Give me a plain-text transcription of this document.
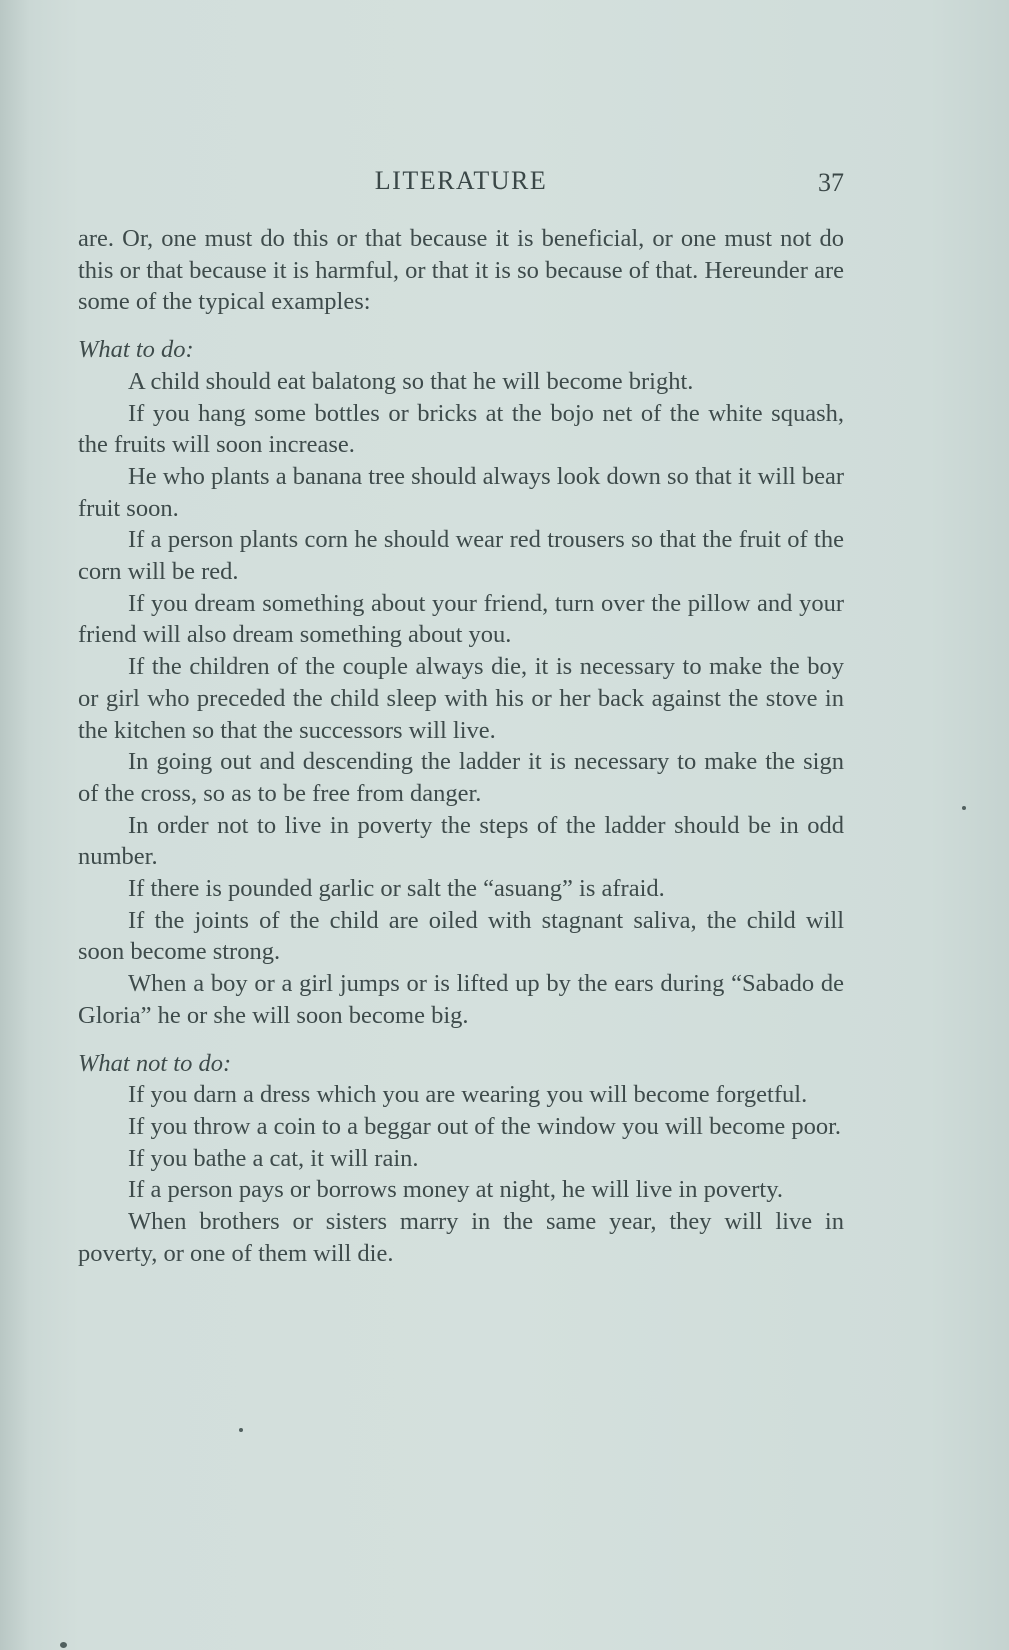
LITERATURE	37

are. Or, one must do this or that because it is beneficial, or one must not do this or that because it is harmful, or that it is so because of that. Hereunder are some of the typical examples:

What to do:

A child should eat balatong so that he will become bright.

If you hang some bottles or bricks at the bojo net of the white squash, the fruits will soon increase.

He who plants a banana tree should always look down so that it will bear fruit soon.

If a person plants corn he should wear red trousers so that the fruit of the corn will be red.

If you dream something about your friend, turn over the pillow and your friend will also dream something about you.

If the children of the couple always die, it is necessary to make the boy or girl who preceded the child sleep with his or her back against the stove in the kitchen so that the successors will live.

In going out and descending the ladder it is necessary to make the sign of the cross, so as to be free from danger.

In order not to live in poverty the steps of the ladder should be in odd number.

If there is pounded garlic or salt the “asuang” is afraid.

If the joints of the child are oiled with stagnant saliva, the child will soon become strong.

When a boy or a girl jumps or is lifted up by the ears during “Sabado de Gloria” he or she will soon become big.

What not to do:

If you darn a dress which you are wearing you will become forgetful.

If you throw a coin to a beggar out of the window you will become poor.

If you bathe a cat, it will rain.

If a person pays or borrows money at night, he will live in poverty.

When brothers or sisters marry in the same year, they will live in poverty, or one of them will die.
